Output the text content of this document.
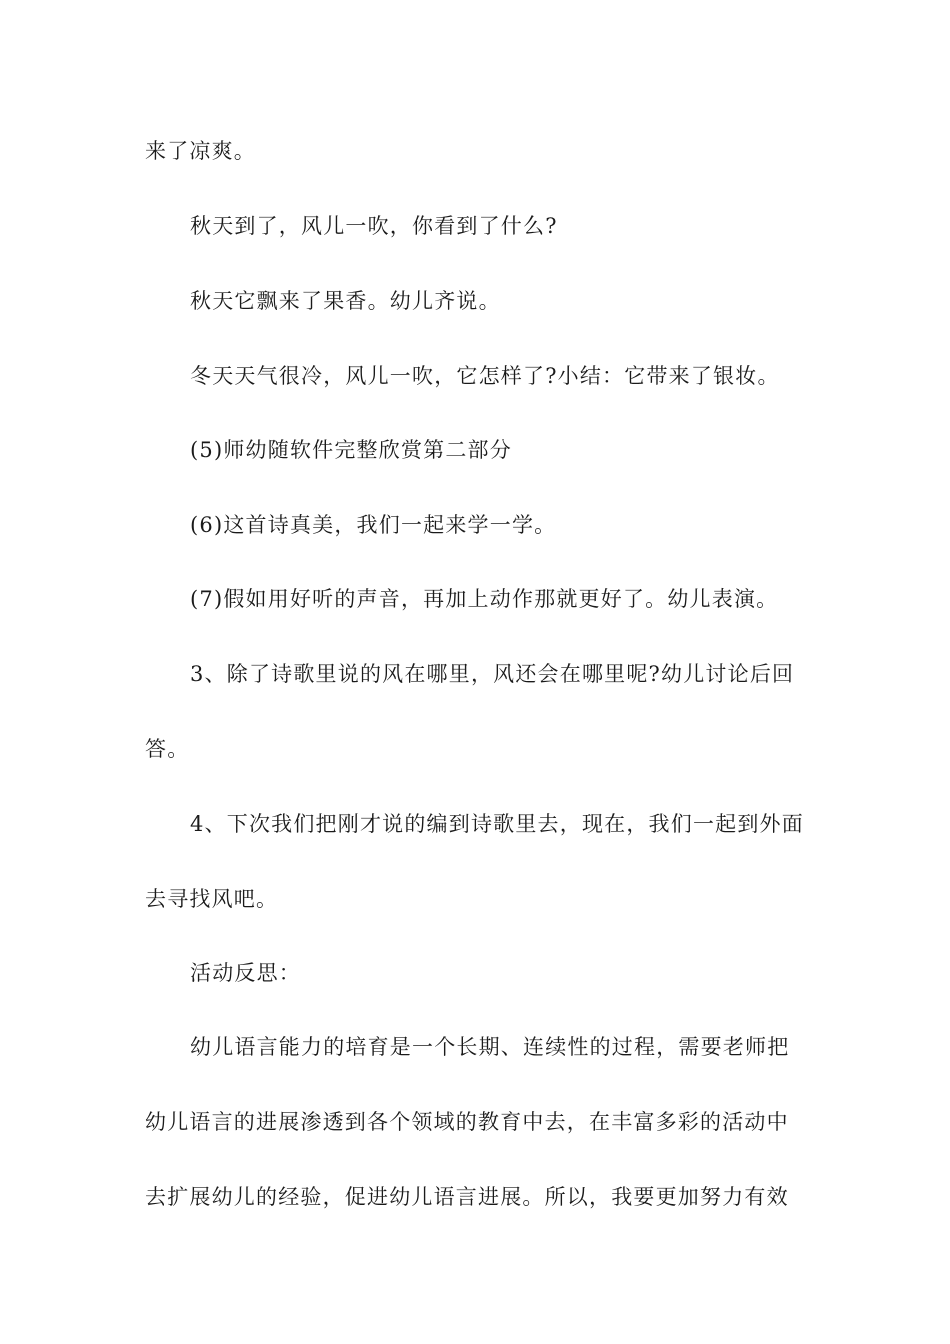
来了凉爽。
秋天到了，风儿一吹，你看到了什么?
秋天它飘来了果香。幼儿齐说。
冬天天气很冷，风儿一吹，它怎样了?小结：它带来了银妆。
(5)师幼随软件完整欣赏第二部分
(6)这首诗真美，我们一起来学一学。
(7)假如用好听的声音，再加上动作那就更好了。幼儿表演。
3、除了诗歌里说的风在哪里，风还会在哪里呢?幼儿讨论后回
答。
4、下次我们把刚才说的编到诗歌里去，现在，我们一起到外面
去寻找风吧。
活动反思：
幼儿语言能力的培育是一个长期、连续性的过程，需要老师把
幼儿语言的进展渗透到各个领域的教育中去，在丰富多彩的活动中
去扩展幼儿的经验，促进幼儿语言进展。所以，我要更加努力有效
